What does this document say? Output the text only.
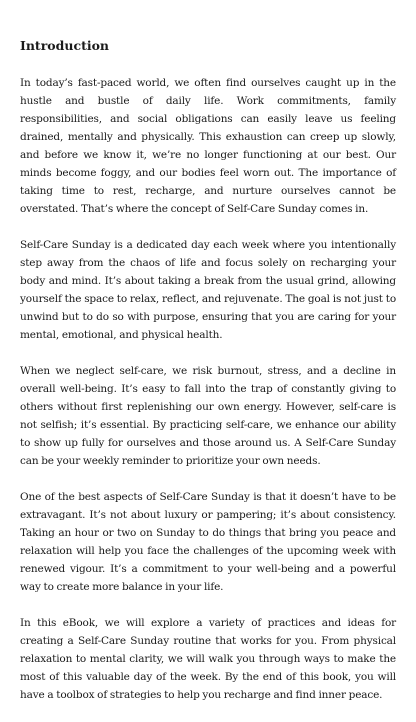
Introduction

In today’s fast-paced world, we often find ourselves caught up in the hustle and bustle of daily life. Work commitments, family responsibilities, and social obligations can easily leave us feeling drained, mentally and physically. This exhaustion can creep up slowly, and before we know it, we’re no longer functioning at our best. Our minds become foggy, and our bodies feel worn out. The importance of taking time to rest, recharge, and nurture ourselves cannot be overstated. That’s where the concept of Self-Care Sunday comes in.

Self-Care Sunday is a dedicated day each week where you intentionally step away from the chaos of life and focus solely on recharging your body and mind. It’s about taking a break from the usual grind, allowing yourself the space to relax, reflect, and rejuvenate. The goal is not just to unwind but to do so with purpose, ensuring that you are caring for your mental, emotional, and physical health.

When we neglect self-care, we risk burnout, stress, and a decline in overall well-being. It’s easy to fall into the trap of constantly giving to others without first replenishing our own energy. However, self-care is not selfish; it’s essential. By practicing self-care, we enhance our ability to show up fully for ourselves and those around us. A Self-Care Sunday can be your weekly reminder to prioritize your own needs.

One of the best aspects of Self-Care Sunday is that it doesn’t have to be extravagant. It’s not about luxury or pampering; it’s about consistency. Taking an hour or two on Sunday to do things that bring you peace and relaxation will help you face the challenges of the upcoming week with renewed vigour. It’s a commitment to your well-being and a powerful way to create more balance in your life.

In this eBook, we will explore a variety of practices and ideas for creating a Self-Care Sunday routine that works for you. From physical relaxation to mental clarity, we will walk you through ways to make the most of this valuable day of the week. By the end of this book, you will have a toolbox of strategies to help you recharge and find inner peace.
